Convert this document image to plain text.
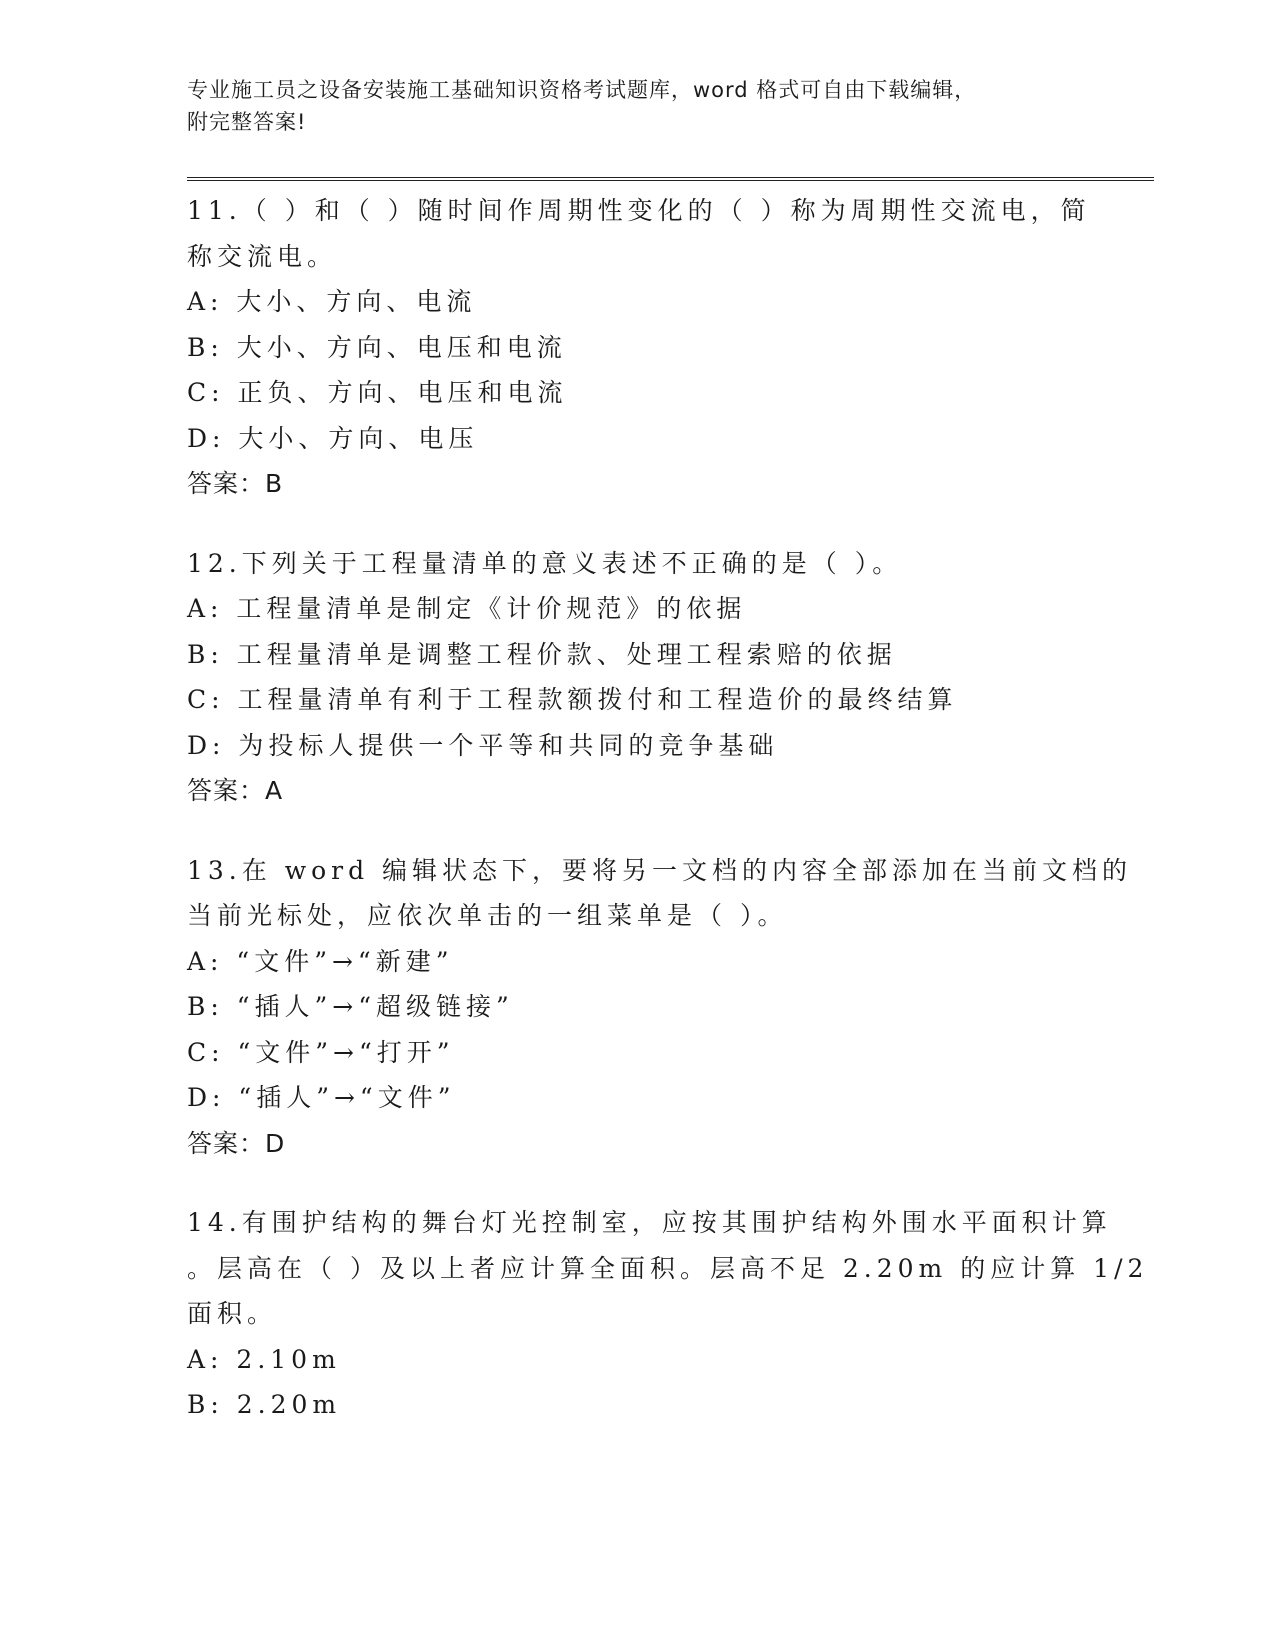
专业施工员之设备安装施工基础知识资格考试题库，word 格式可自由下载编辑，
附完整答案!

11.（ ）和（ ）随时间作周期性变化的（ ）称为周期性交流电，简

称交流电。

A: 大小、方向、电流

B: 大小、方向、电压和电流

C: 正负、方向、电压和电流

D: 大小、方向、电压

答案：B

12.下列关于工程量清单的意义表述不正确的是（ ）。

A: 工程量清单是制定《计价规范》的依据

B: 工程量清单是调整工程价款、处理工程索赔的依据

C: 工程量清单有利于工程款额拨付和工程造价的最终结算

D: 为投标人提供一个平等和共同的竞争基础

答案：A

13.在 word 编辑状态下，要将另一文档的内容全部添加在当前文档的

当前光标处，应依次单击的一组菜单是（ ）。

A: “文件”→“新建”

B: “插人”→“超级链接”

C: “文件”→“打开”

D: “插人”→“文件”

答案：D

14.有围护结构的舞台灯光控制室，应按其围护结构外围水平面积计算

。层高在（ ）及以上者应计算全面积。层高不足 2.20m 的应计算 1/2

面积。

A: 2.10m

B: 2.20m
